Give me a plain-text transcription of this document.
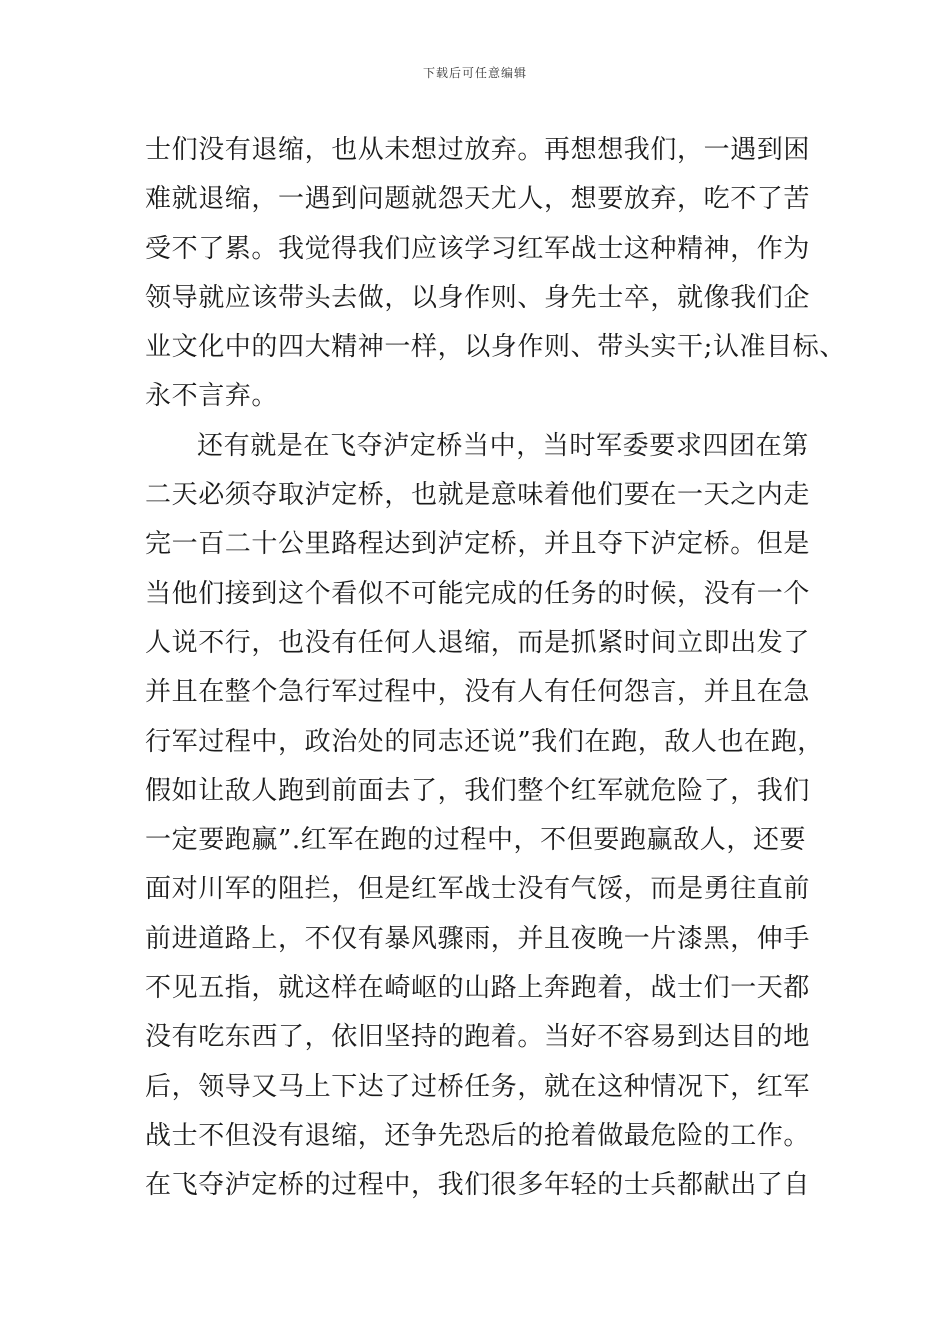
下载后可任意编辑
士们没有退缩，也从未想过放弃。再想想我们，一遇到困
难就退缩，一遇到问题就怨天尤人，想要放弃，吃不了苦
受不了累。我觉得我们应该学习红军战士这种精神，作为
领导就应该带头去做，以身作则、身先士卒，就像我们企
业文化中的四大精神一样，以身作则、带头实干;认准目标、
永不言弃。
还有就是在飞夺泸定桥当中，当时军委要求四团在第
二天必须夺取泸定桥，也就是意味着他们要在一天之内走
完一百二十公里路程达到泸定桥，并且夺下泸定桥。但是
当他们接到这个看似不可能完成的任务的时候，没有一个
人说不行，也没有任何人退缩，而是抓紧时间立即出发了
并且在整个急行军过程中，没有人有任何怨言，并且在急
行军过程中，政治处的同志还说”我们在跑，敌人也在跑，
假如让敌人跑到前面去了，我们整个红军就危险了，我们
一定要跑赢”.红军在跑的过程中，不但要跑赢敌人，还要
面对川军的阻拦，但是红军战士没有气馁，而是勇往直前
前进道路上，不仅有暴风骤雨，并且夜晚一片漆黑，伸手
不见五指，就这样在崎岖的山路上奔跑着，战士们一天都
没有吃东西了，依旧坚持的跑着。当好不容易到达目的地
后，领导又马上下达了过桥任务，就在这种情况下，红军
战士不但没有退缩，还争先恐后的抢着做最危险的工作。
在飞夺泸定桥的过程中，我们很多年轻的士兵都献出了自
